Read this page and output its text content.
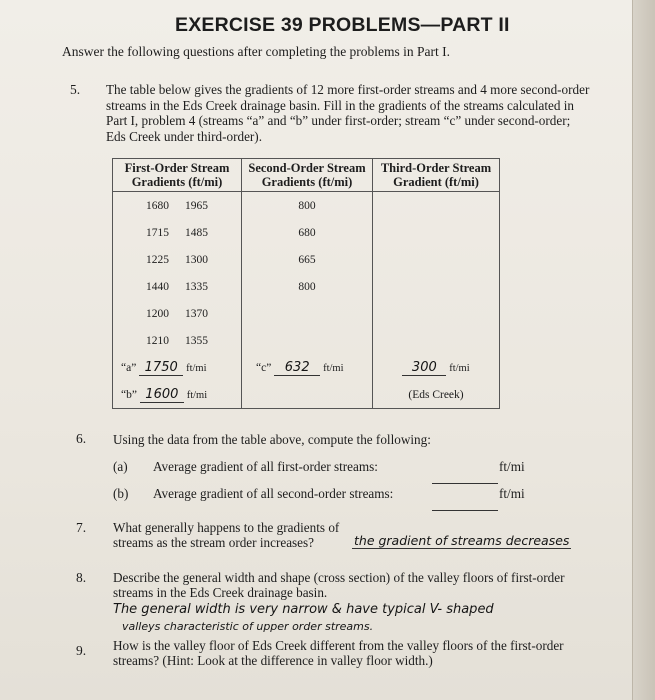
EXERCISE 39 PROBLEMS—PART II
Answer the following questions after completing the problems in Part I.
5. The table below gives the gradients of 12 more first-order streams and 4 more second-order streams in the Eds Creek drainage basin. Fill in the gradients of the streams calculated in Part I, problem 4 (streams “a” and “b” under first-order; stream “c” under second-order; Eds Creek under third-order).
First-Order Stream Gradients (ft/mi)	Second-Order Stream Gradients (ft/mi)	Third-Order Stream Gradient (ft/mi)

1680 1965	800	

1715 1485	680	

1225 1300	665	

1440 1335	800	

1200 1370		

1210 1355		

“a” 1750 ft/mi	“c” 632 ft/mi	300 ft/mi
“b” 1600 ft/mi		(Eds Creek)
6. Using the data from the table above, compute the following:
(a) Average gradient of all first-order streams:	ft/mi
(b) Average gradient of all second-order streams:	ft/mi
7. What generally happens to the gradients of
streams as the stream order increases?	the gradient of streams decreases
8. Describe the general width and shape (cross section) of the valley floors of first-order
streams in the Eds Creek drainage basin.
The general width is very narrow & have typical V- shaped
valleys characteristic of upper order streams.
9. How is the valley floor of Eds Creek different from the valley floors of the first-order
streams? (Hint: Look at the difference in valley floor width.)
